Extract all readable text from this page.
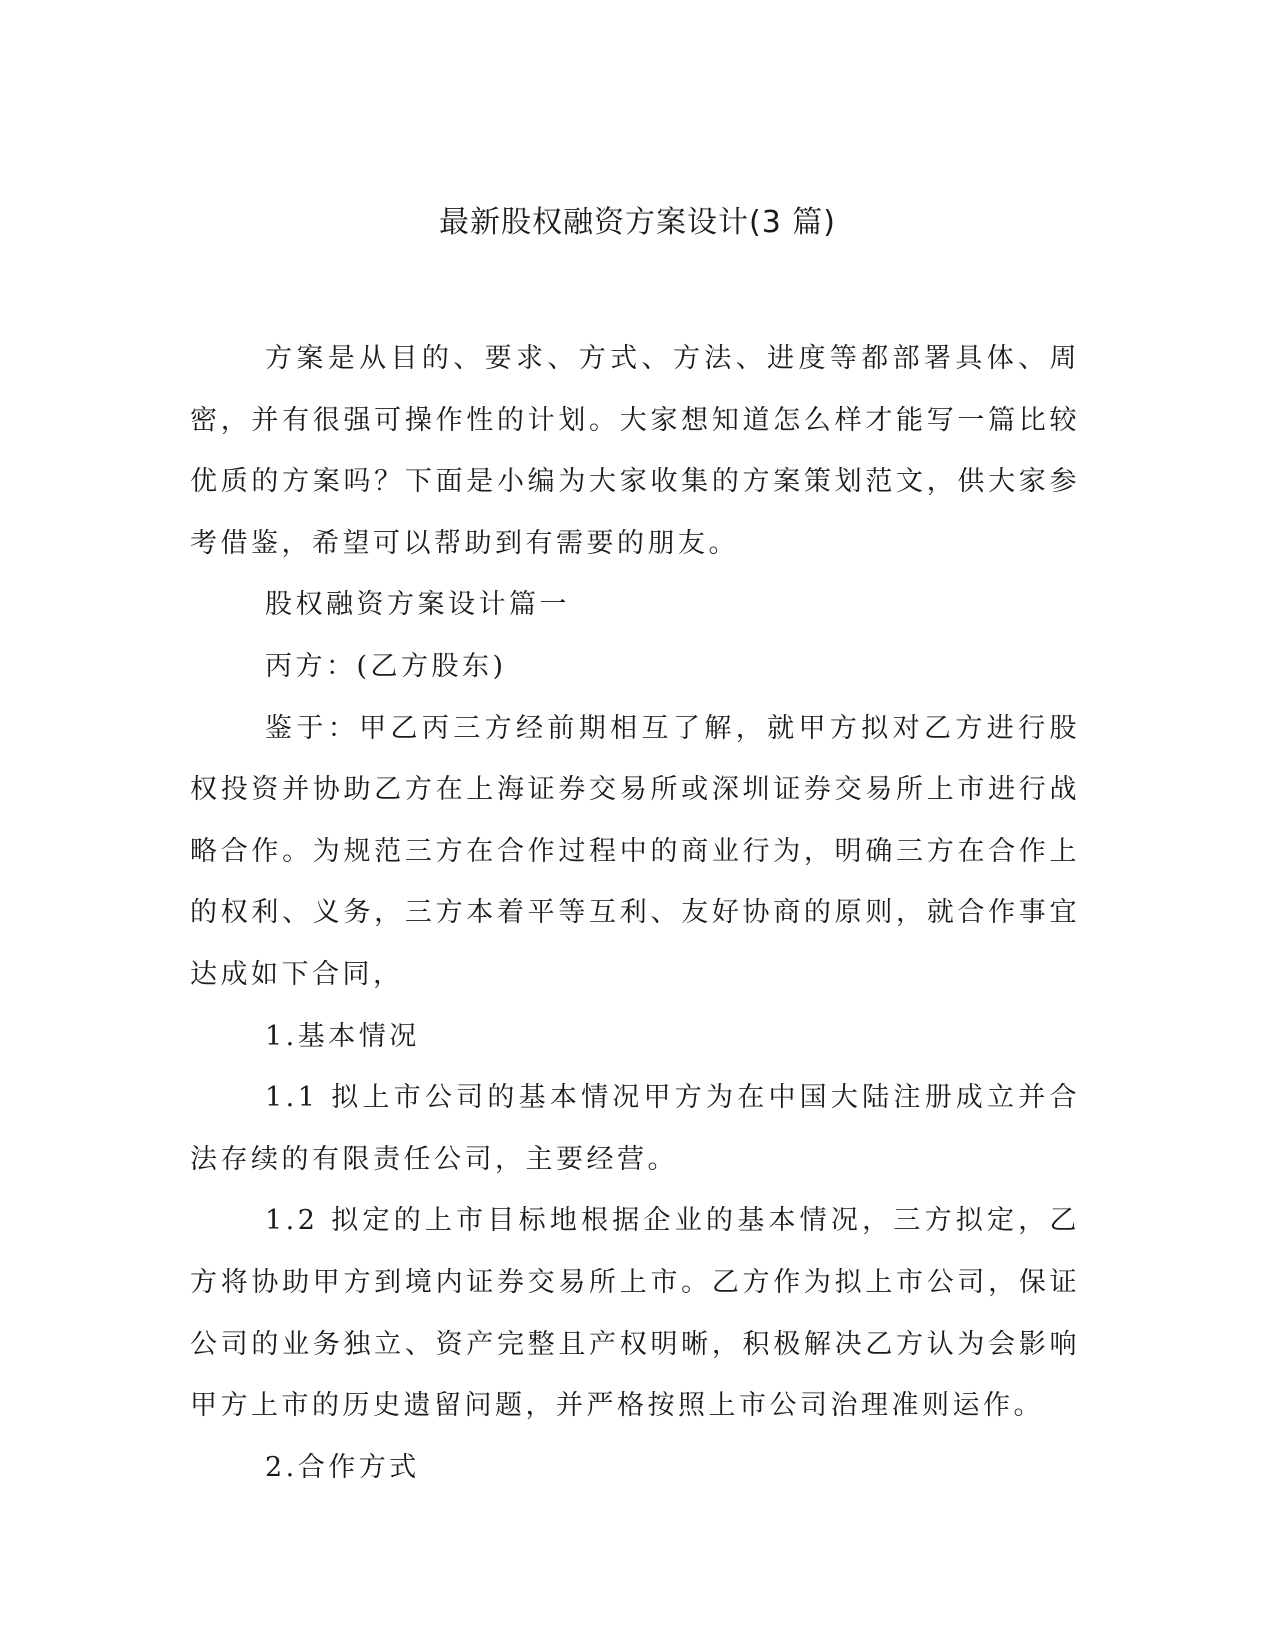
最新股权融资方案设计(3 篇)

方案是从目的、要求、方式、方法、进度等都部署具体、周密，并有很强可操作性的计划。大家想知道怎么样才能写一篇比较优质的方案吗？下面是小编为大家收集的方案策划范文，供大家参考借鉴，希望可以帮助到有需要的朋友。

股权融资方案设计篇一

丙方：(乙方股东)

鉴于：甲乙丙三方经前期相互了解，就甲方拟对乙方进行股权投资并协助乙方在上海证券交易所或深圳证券交易所上市进行战略合作。为规范三方在合作过程中的商业行为，明确三方在合作上的权利、义务，三方本着平等互利、友好协商的原则，就合作事宜达成如下合同，

1.基本情况

1.1 拟上市公司的基本情况甲方为在中国大陆注册成立并合法存续的有限责任公司，主要经营。

1.2 拟定的上市目标地根据企业的基本情况，三方拟定，乙方将协助甲方到境内证券交易所上市。乙方作为拟上市公司，保证公司的业务独立、资产完整且产权明晰，积极解决乙方认为会影响甲方上市的历史遗留问题，并严格按照上市公司治理准则运作。

2.合作方式
